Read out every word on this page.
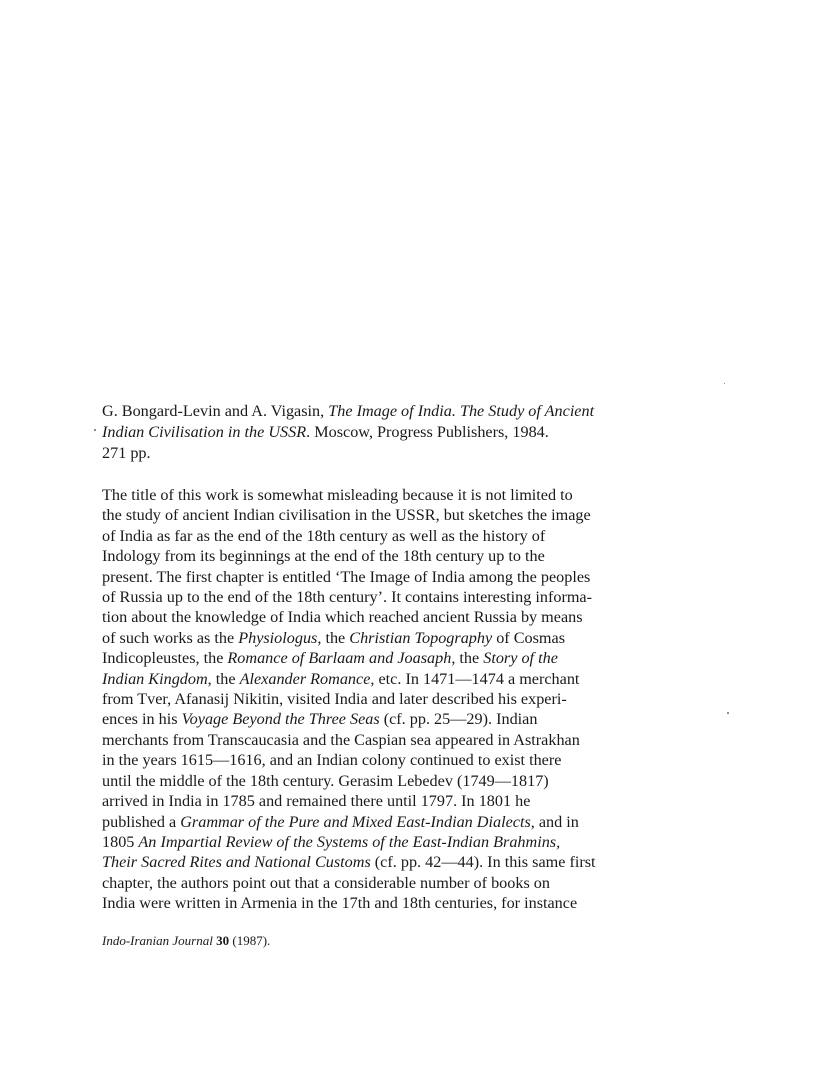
G. Bongard-Levin and A. Vigasin, The Image of India. The Study of Ancient
Indian Civilisation in the USSR. Moscow, Progress Publishers, 1984.
271 pp.
The title of this work is somewhat misleading because it is not limited to
the study of ancient Indian civilisation in the USSR, but sketches the image
of India as far as the end of the 18th century as well as the history of
Indology from its beginnings at the end of the 18th century up to the
present. The first chapter is entitled ‘The Image of India among the peoples
of Russia up to the end of the 18th century’. It contains interesting informa-
tion about the knowledge of India which reached ancient Russia by means
of such works as the Physiologus, the Christian Topography of Cosmas
Indicopleustes, the Romance of Barlaam and Joasaph, the Story of the
Indian Kingdom, the Alexander Romance, etc. In 1471—1474 a merchant
from Tver, Afanasij Nikitin, visited India and later described his experi-
ences in his Voyage Beyond the Three Seas (cf. pp. 25—29). Indian
merchants from Transcaucasia and the Caspian sea appeared in Astrakhan
in the years 1615—1616, and an Indian colony continued to exist there
until the middle of the 18th century. Gerasim Lebedev (1749—1817)
arrived in India in 1785 and remained there until 1797. In 1801 he
published a Grammar of the Pure and Mixed East-Indian Dialects, and in
1805 An Impartial Review of the Systems of the East-Indian Brahmins,
Their Sacred Rites and National Customs (cf. pp. 42—44). In this same first
chapter, the authors point out that a considerable number of books on
India were written in Armenia in the 17th and 18th centuries, for instance
Indo-Iranian Journal 30 (1987).
